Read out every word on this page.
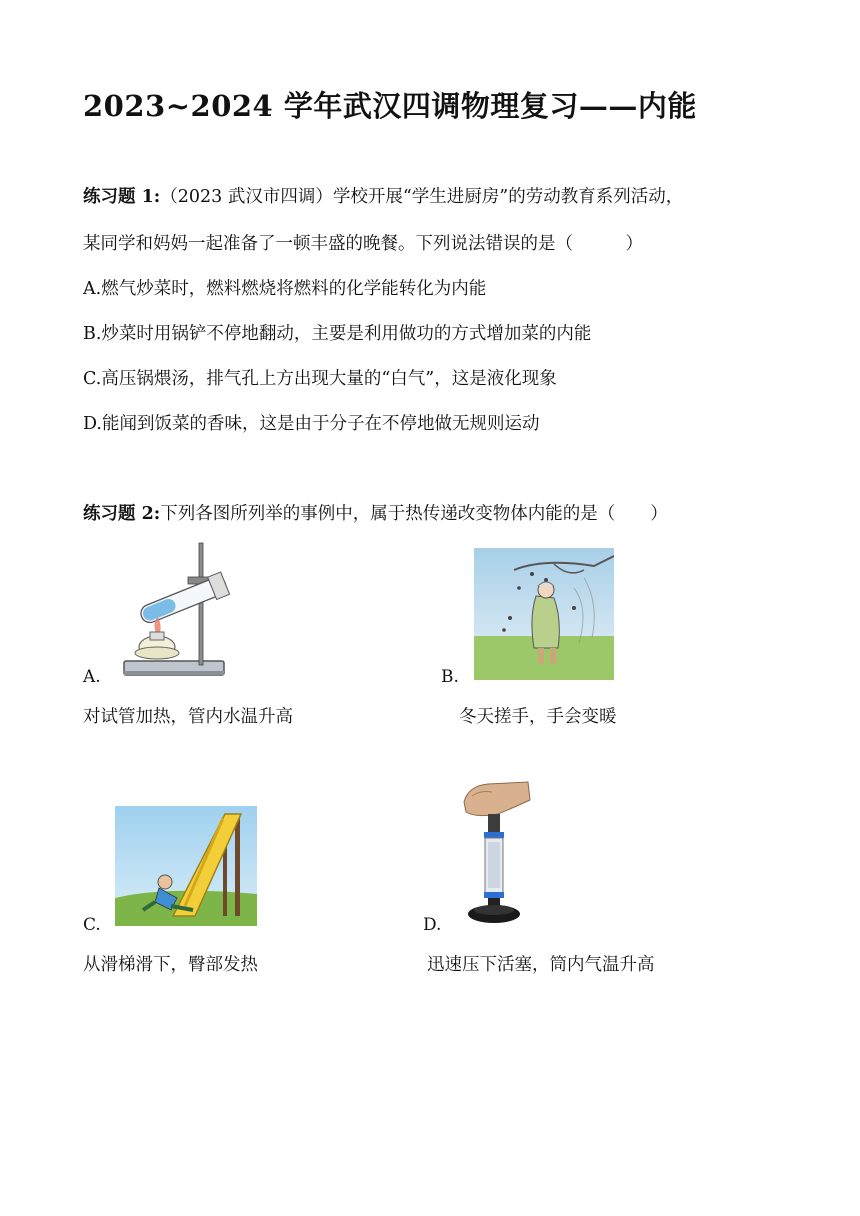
2023~2024 学年武汉四调物理复习——内能
练习题 1:（2023 武汉市四调）学校开展“学生进厨房”的劳动教育系列活动，
某同学和妈妈一起准备了一顿丰盛的晚餐。下列说法错误的是（　　　）
A.燃气炒菜时，燃料燃烧将燃料的化学能转化为内能
B.炒菜时用锅铲不停地翻动，主要是利用做功的方式增加菜的内能
C.高压锅煨汤，排气孔上方出现大量的“白气”，这是液化现象
D.能闻到饭菜的香味，这是由于分子在不停地做无规则运动
练习题 2:下列各图所列举的事例中，属于热传递改变物体内能的是（　　）
A.
对试管加热，管内水温升高
B.
冬天搓手，手会变暖
C.
从滑梯滑下，臀部发热
D.
迅速压下活塞，筒内气温升高
